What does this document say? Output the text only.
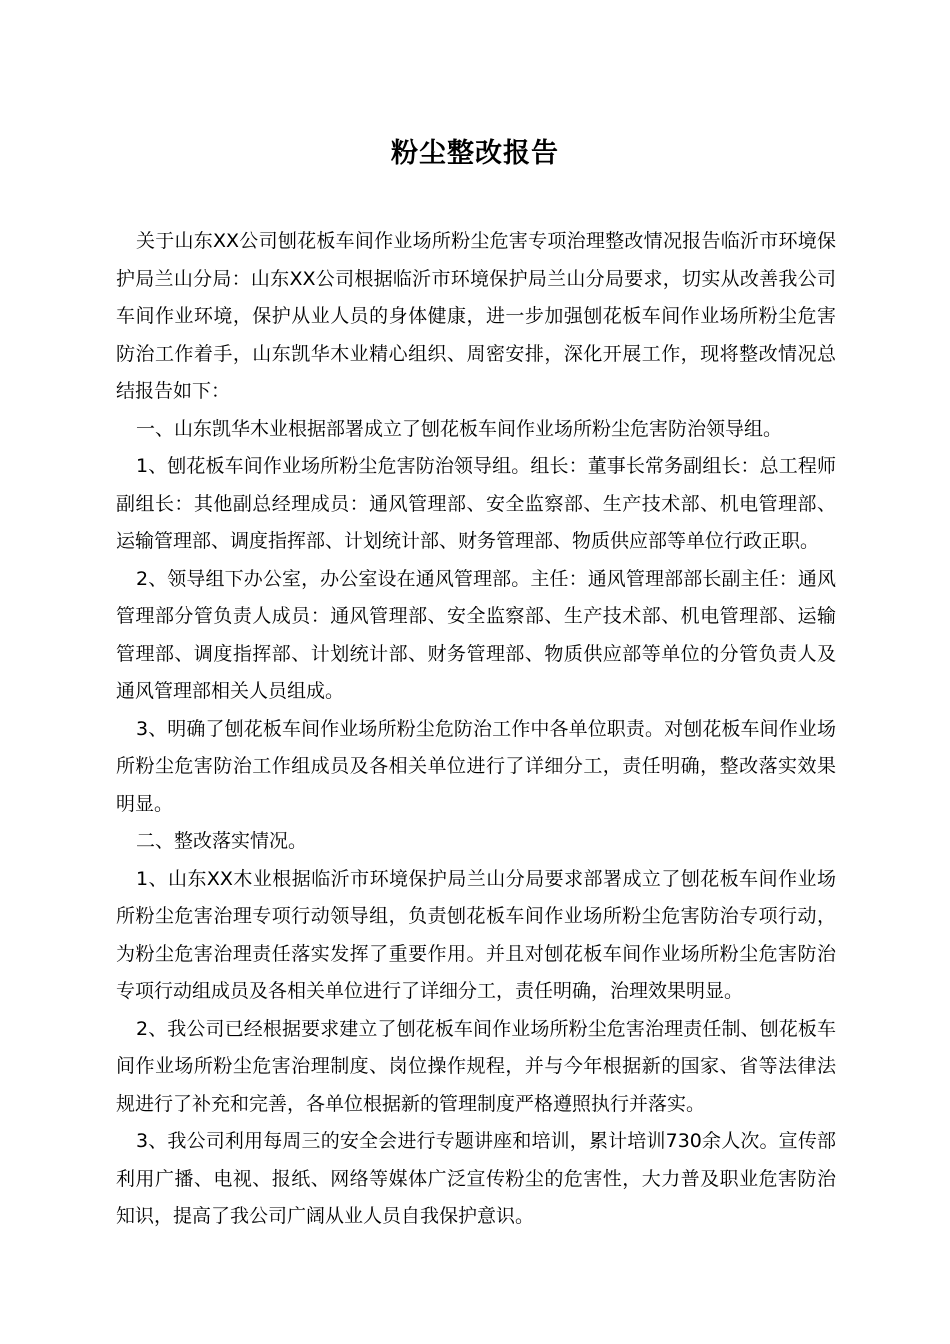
粉尘整改报告

关于山东XX公司刨花板车间作业场所粉尘危害专项治理整改情况报告临沂市环境保护局兰山分局：山东XX公司根据临沂市环境保护局兰山分局要求，切实从改善我公司车间作业环境，保护从业人员的身体健康，进一步加强刨花板车间作业场所粉尘危害防治工作着手，山东凯华木业精心组织、周密安排，深化开展工作，现将整改情况总结报告如下：

一、山东凯华木业根据部署成立了刨花板车间作业场所粉尘危害防治领导组。

1、刨花板车间作业场所粉尘危害防治领导组。组长：董事长常务副组长：总工程师副组长：其他副总经理成员：通风管理部、安全监察部、生产技术部、机电管理部、运输管理部、调度指挥部、计划统计部、财务管理部、物质供应部等单位行政正职。

2、领导组下办公室，办公室设在通风管理部。主任：通风管理部部长副主任：通风管理部分管负责人成员：通风管理部、安全监察部、生产技术部、机电管理部、运输管理部、调度指挥部、计划统计部、财务管理部、物质供应部等单位的分管负责人及通风管理部相关人员组成。

3、明确了刨花板车间作业场所粉尘危防治工作中各单位职责。对刨花板车间作业场所粉尘危害防治工作组成员及各相关单位进行了详细分工，责任明确，整改落实效果明显。

二、整改落实情况。

1、山东XX木业根据临沂市环境保护局兰山分局要求部署成立了刨花板车间作业场所粉尘危害治理专项行动领导组，负责刨花板车间作业场所粉尘危害防治专项行动，为粉尘危害治理责任落实发挥了重要作用。并且对刨花板车间作业场所粉尘危害防治专项行动组成员及各相关单位进行了详细分工，责任明确，治理效果明显。

2、我公司已经根据要求建立了刨花板车间作业场所粉尘危害治理责任制、刨花板车间作业场所粉尘危害治理制度、岗位操作规程，并与今年根据新的国家、省等法律法规进行了补充和完善，各单位根据新的管理制度严格遵照执行并落实。

3、我公司利用每周三的安全会进行专题讲座和培训，累计培训730余人次。宣传部利用广播、电视、报纸、网络等媒体广泛宣传粉尘的危害性，大力普及职业危害防治知识，提高了我公司广阔从业人员自我保护意识。
